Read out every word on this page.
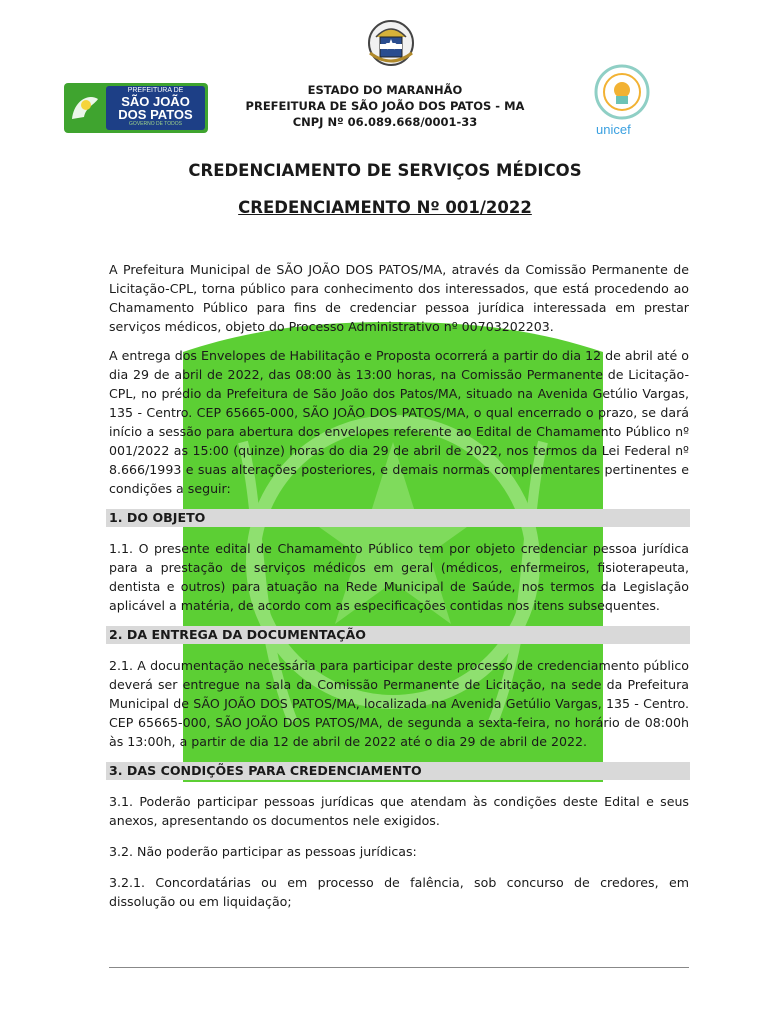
PREFEITURA DE
SÃO JOÃO
DOS PATOS
GOVERNO DE TODOS	unicef
ESTADO DO MARANHÃO
PREFEITURA DE SÃO JOÃO DOS PATOS - MA
CNPJ Nº 06.089.668/0001-33
CREDENCIAMENTO DE SERVIÇOS MÉDICOS
CREDENCIAMENTO Nº 001/2022
A Prefeitura Municipal de SÃO JOÃO DOS PATOS/MA, através da Comissão Permanente de Licitação-CPL, torna público para conhecimento dos interessados, que está procedendo ao Chamamento Público para fins de credenciar pessoa jurídica interessada em prestar serviços médicos, objeto do Processo Administrativo nº 00703202203.
A entrega dos Envelopes de Habilitação e Proposta ocorrerá a partir do dia 12 de abril até o dia 29 de abril de 2022, das 08:00 às 13:00 horas, na Comissão Permanente de Licitação-CPL, no prédio da Prefeitura de São João dos Patos/MA, situado na Avenida Getúlio Vargas, 135 - Centro. CEP 65665-000, SÃO JOÃO DOS PATOS/MA, o qual encerrado o prazo, se dará início a sessão para abertura dos envelopes referente ao Edital de Chamamento Público nº 001/2022 as 15:00 (quinze) horas do dia 29 de abril de 2022, nos termos da Lei Federal nº 8.666/1993 e suas alterações posteriores, e demais normas complementares pertinentes e condições a seguir:
1. DO OBJETO
1.1. O presente edital de Chamamento Público tem por objeto credenciar pessoa jurídica para a prestação de serviços médicos em geral (médicos, enfermeiros, fisioterapeuta, dentista e outros) para atuação na Rede Municipal de Saúde, nos termos da Legislação aplicável a matéria, de acordo com as especificações contidas nos itens subsequentes.
2. DA ENTREGA DA DOCUMENTAÇÃO
2.1. A documentação necessária para participar deste processo de credenciamento público deverá ser entregue na sala da Comissão Permanente de Licitação, na sede da Prefeitura Municipal de SÃO JOÃO DOS PATOS/MA, localizada na Avenida Getúlio Vargas, 135 - Centro. CEP 65665-000, SÃO JOÃO DOS PATOS/MA, de segunda a sexta-feira, no horário de 08:00h às 13:00h, a partir de dia 12 de abril de 2022 até o dia 29 de abril de 2022.
3. DAS CONDIÇÕES PARA CREDENCIAMENTO
3.1. Poderão participar pessoas jurídicas que atendam às condições deste Edital e seus anexos, apresentando os documentos nele exigidos.
3.2. Não poderão participar as pessoas jurídicas:
3.2.1. Concordatárias ou em processo de falência, sob concurso de credores, em dissolução ou em liquidação;
